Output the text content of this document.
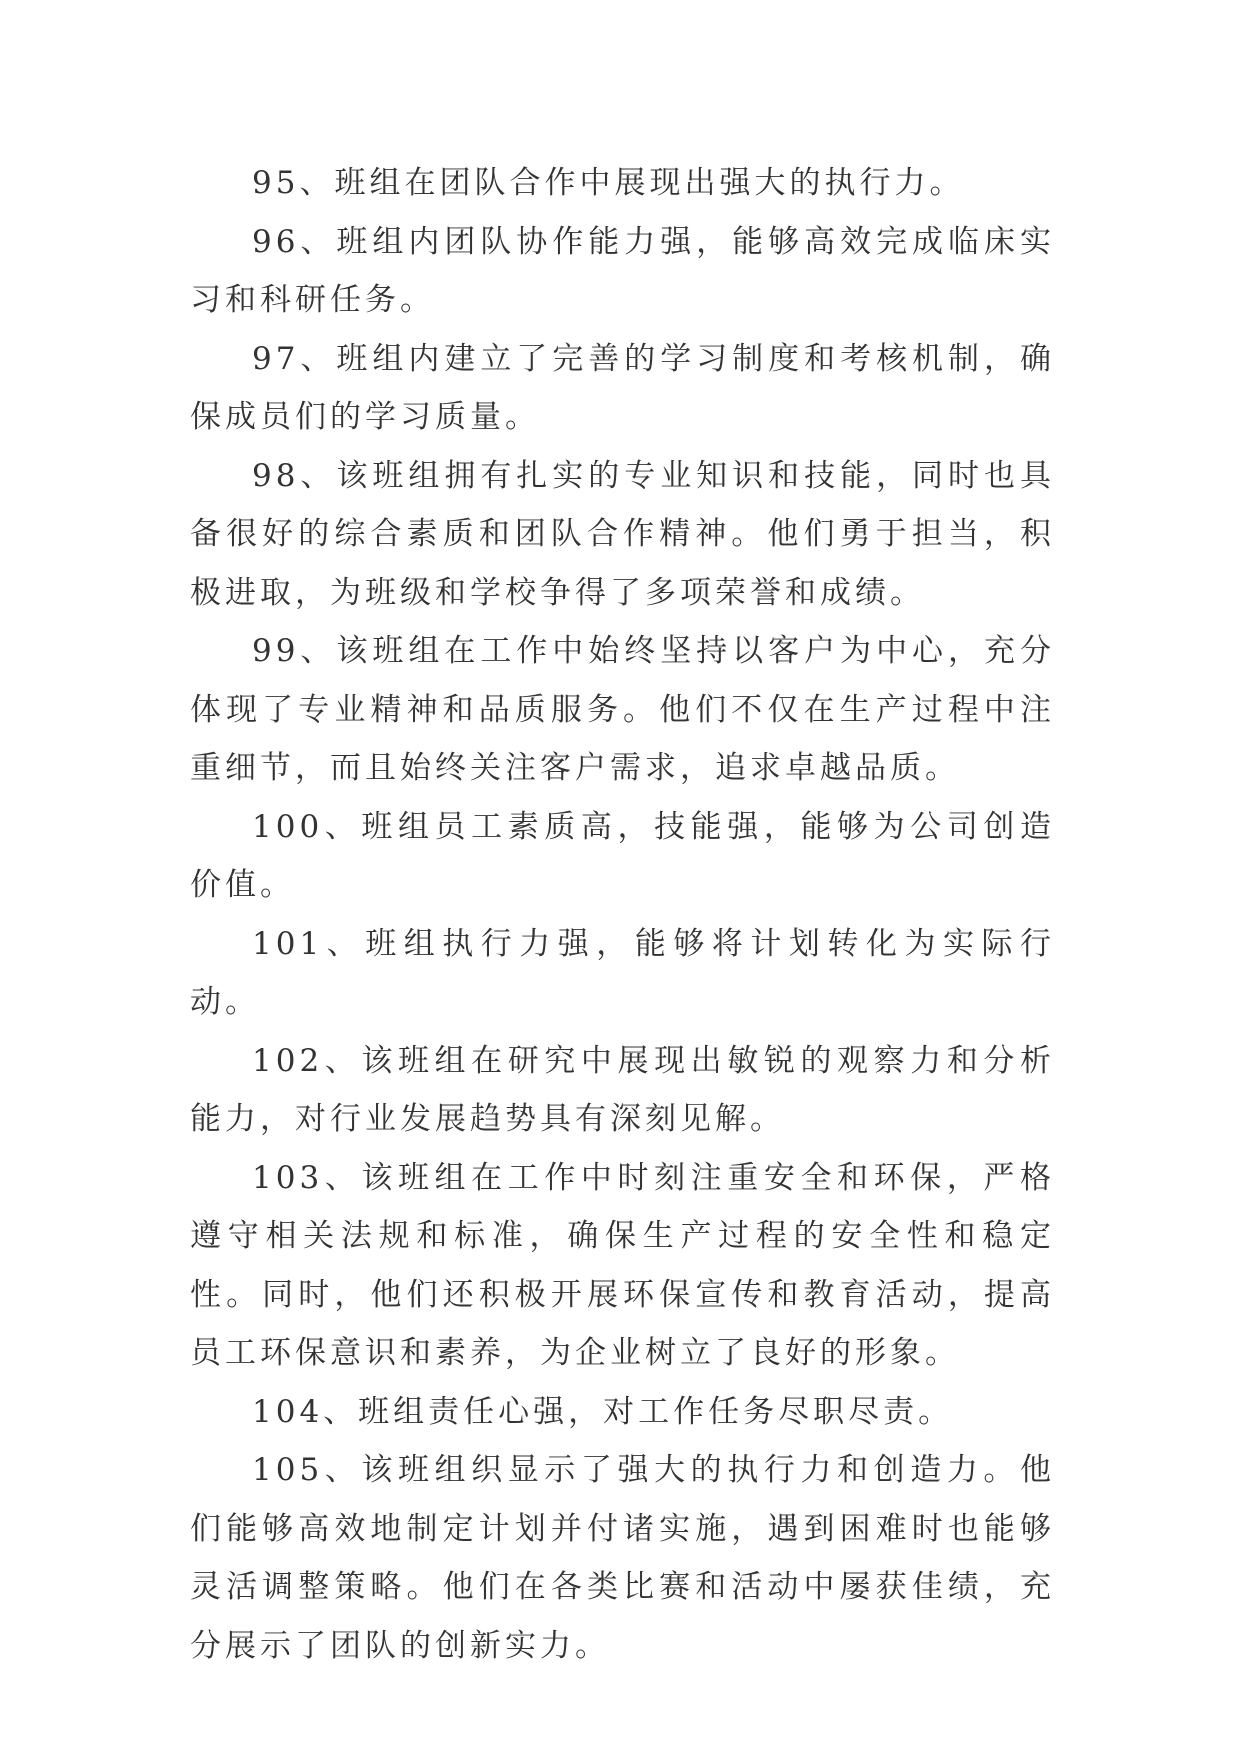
95、班组在团队合作中展现出强大的执行力。

96、班组内团队协作能力强，能够高效完成临床实习和科研任务。

97、班组内建立了完善的学习制度和考核机制，确保成员们的学习质量。

98、该班组拥有扎实的专业知识和技能，同时也具备很好的综合素质和团队合作精神。他们勇于担当，积极进取，为班级和学校争得了多项荣誉和成绩。

99、该班组在工作中始终坚持以客户为中心，充分体现了专业精神和品质服务。他们不仅在生产过程中注重细节，而且始终关注客户需求，追求卓越品质。

100、班组员工素质高，技能强，能够为公司创造价值。

101、班组执行力强，能够将计划转化为实际行动。

102、该班组在研究中展现出敏锐的观察力和分析能力，对行业发展趋势具有深刻见解。

103、该班组在工作中时刻注重安全和环保，严格遵守相关法规和标准，确保生产过程的安全性和稳定性。同时，他们还积极开展环保宣传和教育活动，提高员工环保意识和素养，为企业树立了良好的形象。

104、班组责任心强，对工作任务尽职尽责。

105、该班组织显示了强大的执行力和创造力。他们能够高效地制定计划并付诸实施，遇到困难时也能够灵活调整策略。他们在各类比赛和活动中屡获佳绩，充分展示了团队的创新实力。
